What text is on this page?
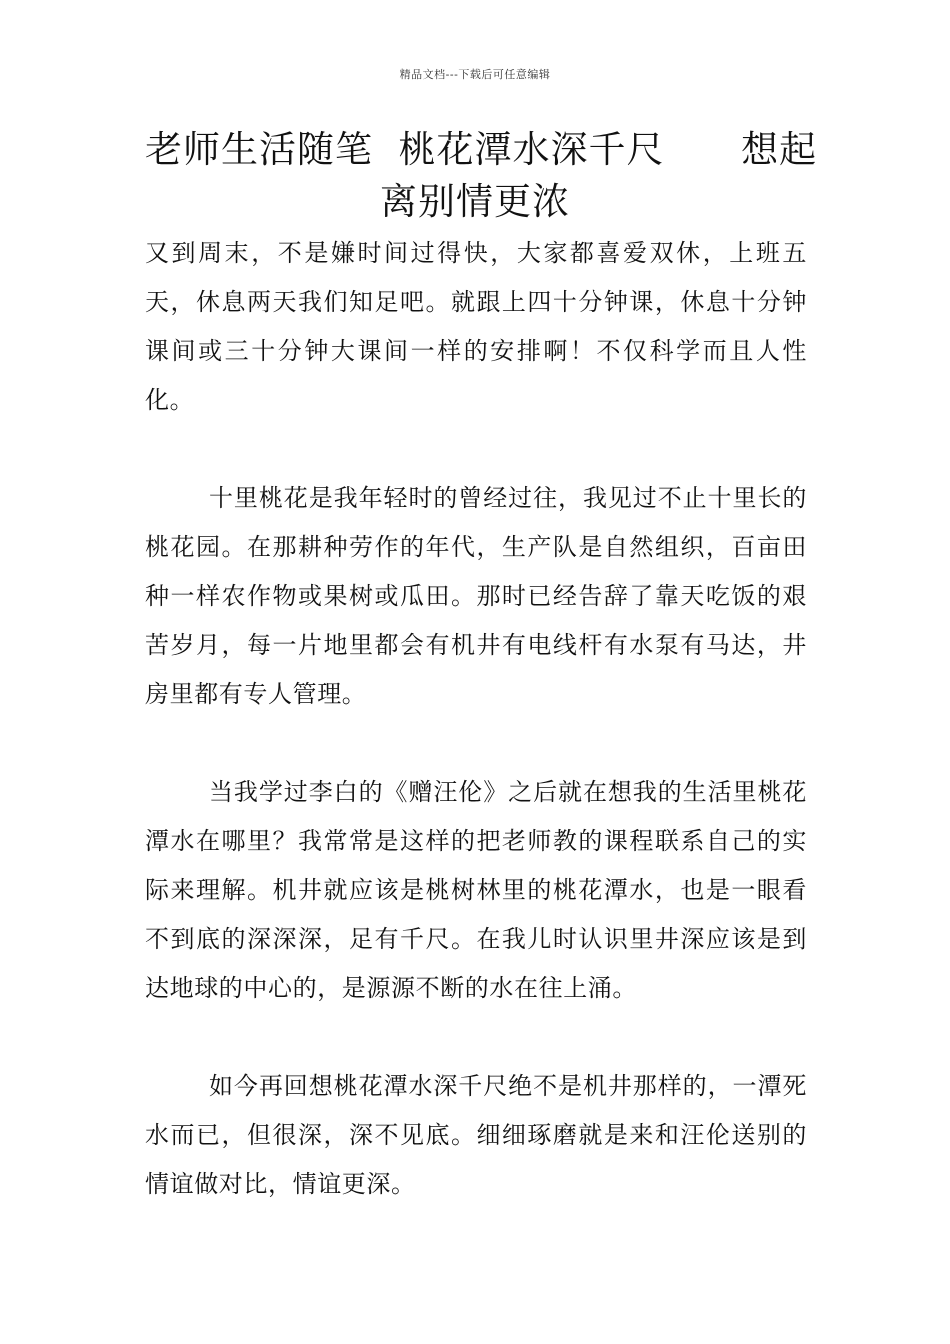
精品文档---下载后可任意编辑
老师生活随笔  桃花潭水深千尺      想起
离别情更浓

又到周末，不是嫌时间过得快，大家都喜爱双休，上班五天，休息两天我们知足吧。就跟上四十分钟课，休息十分钟课间或三十分钟大课间一样的安排啊！不仅科学而且人性化。

十里桃花是我年轻时的曾经过往，我见过不止十里长的桃花园。在那耕种劳作的年代，生产队是自然组织，百亩田种一样农作物或果树或瓜田。那时已经告辞了靠天吃饭的艰苦岁月，每一片地里都会有机井有电线杆有水泵有马达，井房里都有专人管理。

当我学过李白的《赠汪伦》之后就在想我的生活里桃花潭水在哪里？我常常是这样的把老师教的课程联系自己的实际来理解。机井就应该是桃树林里的桃花潭水，也是一眼看不到底的深深深，足有千尺。在我儿时认识里井深应该是到达地球的中心的，是源源不断的水在往上涌。

如今再回想桃花潭水深千尺绝不是机井那样的，一潭死水而已，但很深，深不见底。细细琢磨就是来和汪伦送别的情谊做对比，情谊更深。
